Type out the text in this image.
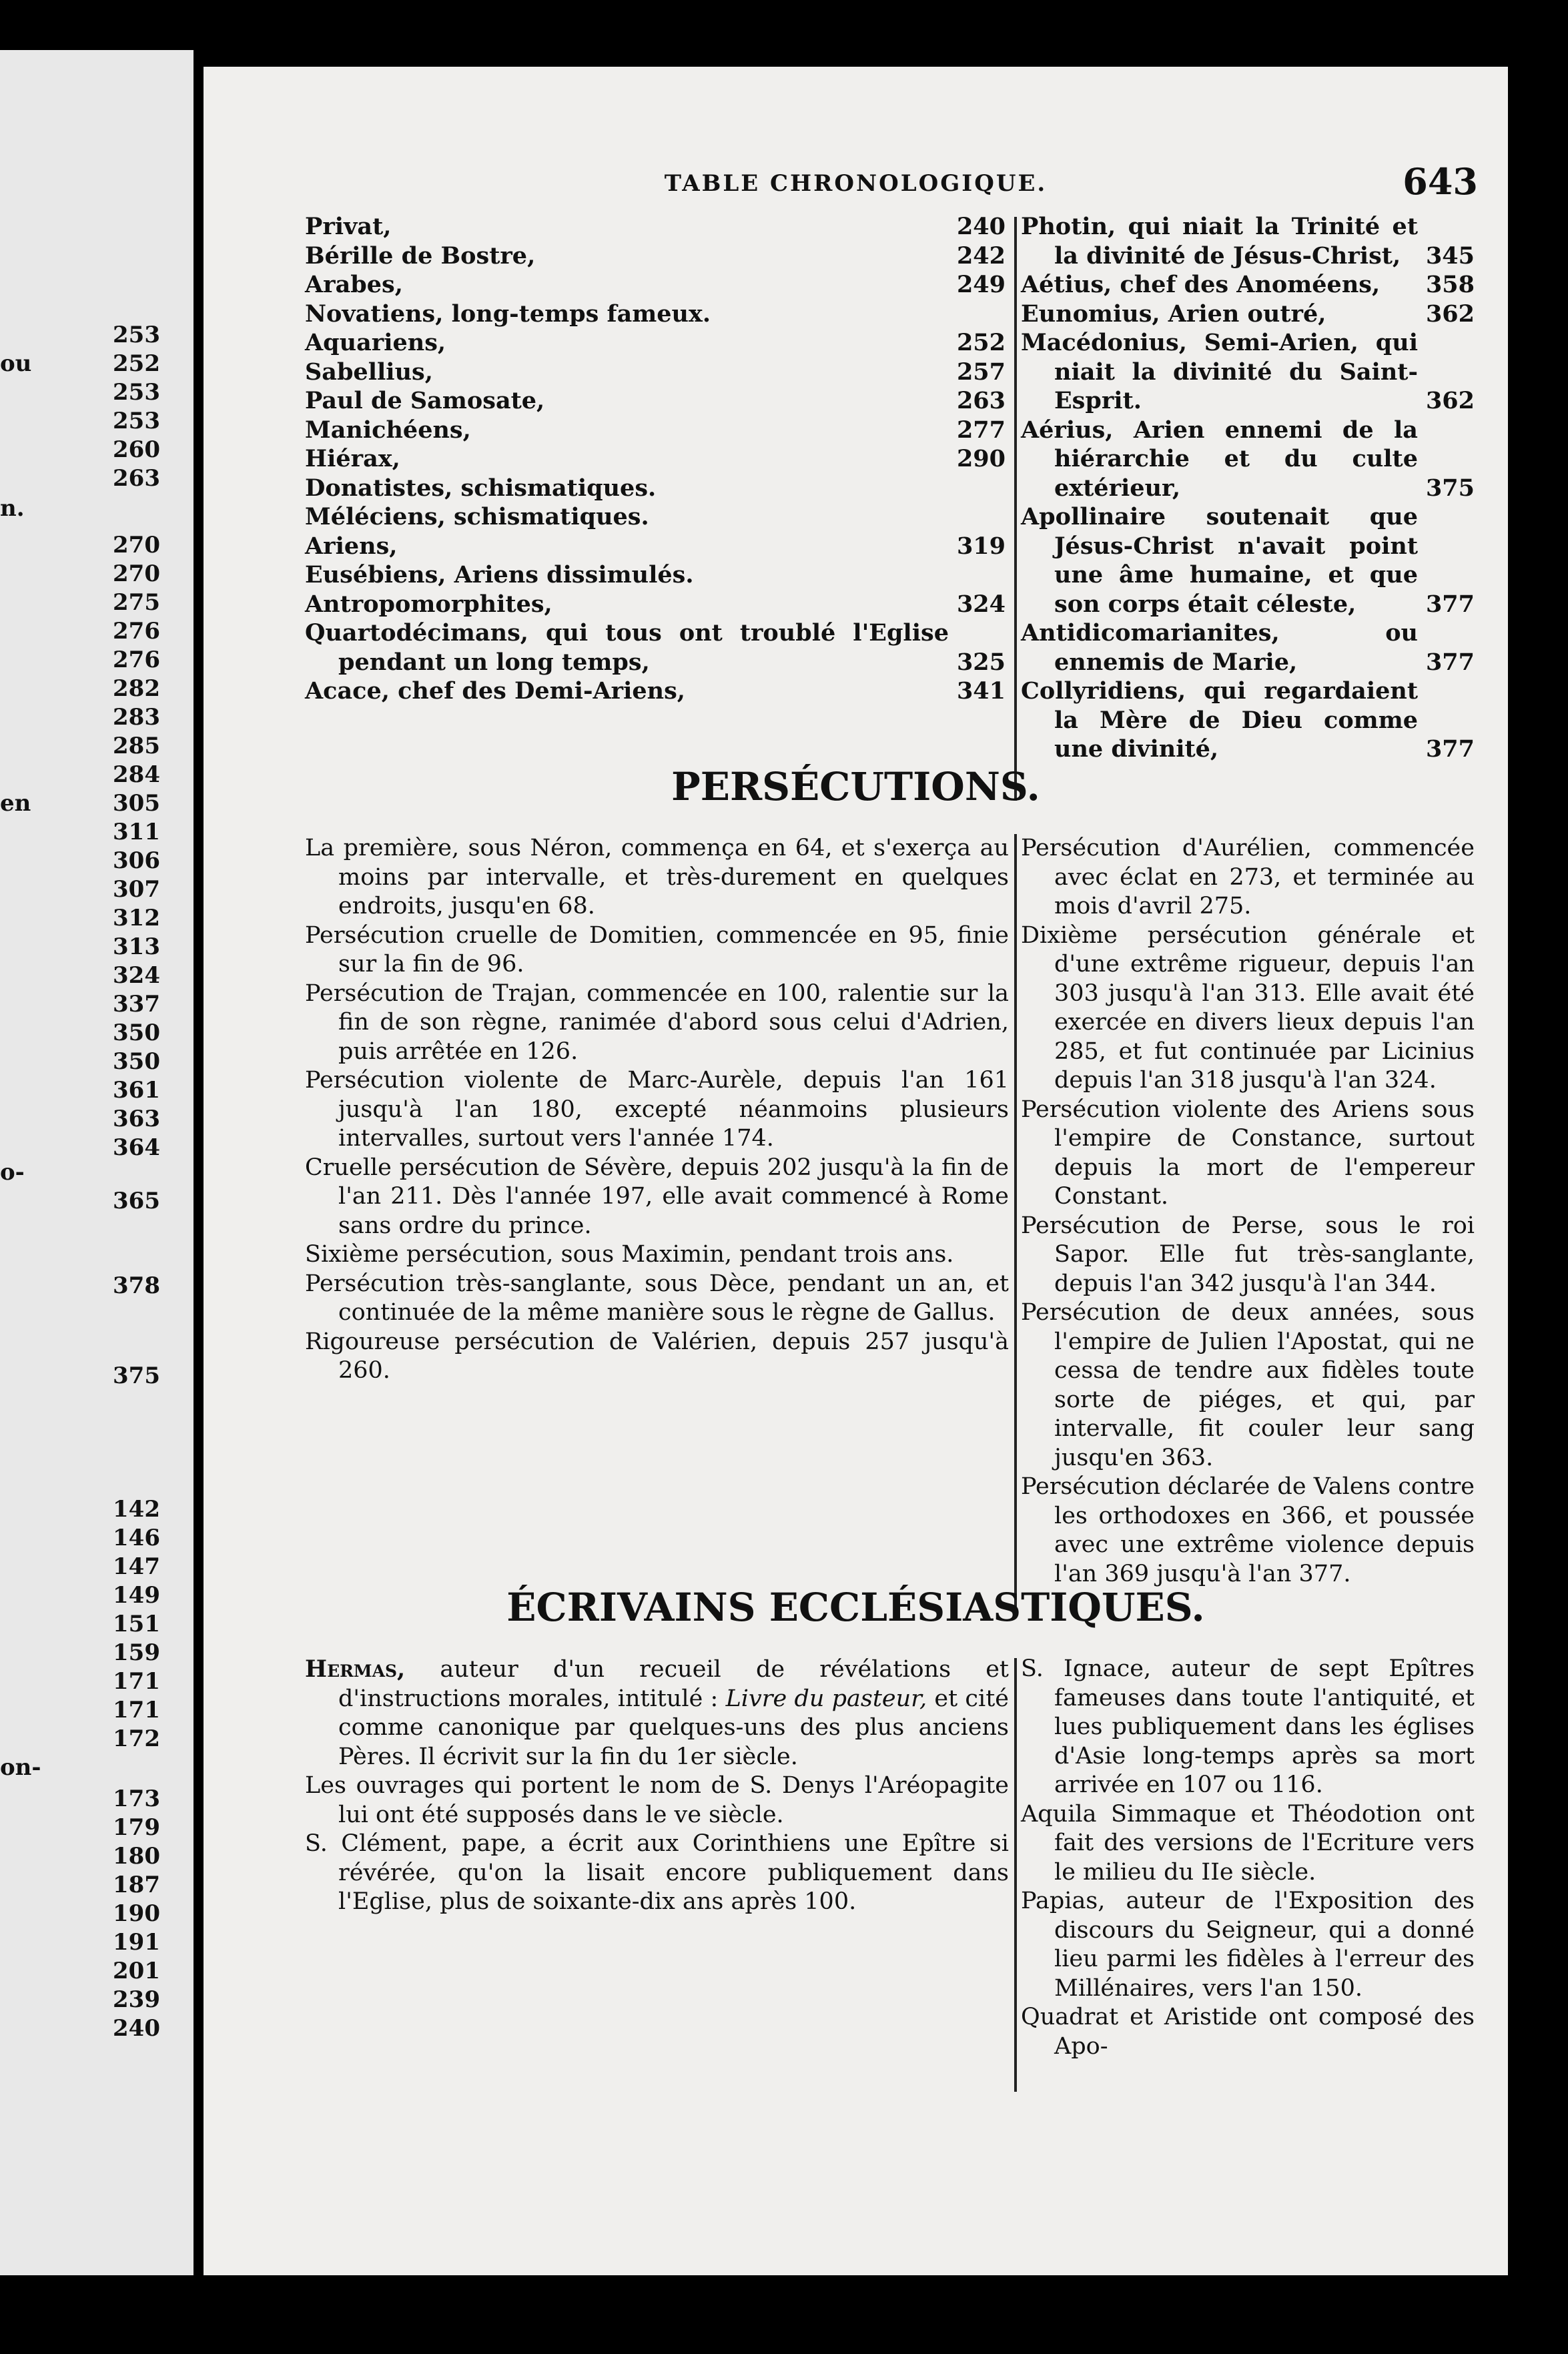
253
252
253
253
260
263
270
270
275
276
276
282
283
285
284
305
311
306
307
312
313
324
337
350
350
361
363
364
365
378
375
142
146
147
149
151
159
171
171
172
173
179
180
187
190
191
201
239
240
ou
n.
en
o-
on-
TABLE CHRONOLOGIQUE.	643

Privat,	240

Bérille de Bostre,	242

Arabes,	249

Novatiens, long-temps fameux.

Aquariens,	252

Sabellius,	257

Paul de Samosate,	263

Manichéens,	277

Hiérax,	290

Donatistes, schismatiques.

Méléciens, schismatiques.

Ariens,	319

Eusébiens, Ariens dissimulés.

Antropomorphites,	324

Quartodécimans, qui tous ont troublé l'Eglise pendant un long temps,	325

Acace, chef des Demi-Ariens,	341

Photin, qui niait la Trinité et la divinité de Jésus-Christ, 345

Aétius, chef des Anoméens, 358

Eunomius, Arien outré,	362

Macédonius, Semi-Arien, qui niait la divinité du Saint-Esprit.	362

Aérius, Arien ennemi de la hiérarchie et du culte extérieur,	375

Apollinaire soutenait que Jésus-Christ n'avait point une âme humaine, et que son corps était céleste,	377

Antidicomarianites, ou ennemis de Marie,	377

Collyridiens, qui regardaient la Mère de Dieu comme une divinité,	377

PERSÉCUTIONS.

La première, sous Néron, commença en 64, et s'exerça au moins par intervalle, et très-durement en quelques endroits, jusqu'en 68.

Persécution cruelle de Domitien, commencée en 95, finie sur la fin de 96.

Persécution de Trajan, commencée en 100, ralentie sur la fin de son règne, ranimée d'abord sous celui d'Adrien, puis arrêtée en 126.

Persécution violente de Marc-Aurèle, depuis l'an 161 jusqu'à l'an 180, excepté néanmoins plusieurs intervalles, surtout vers l'année 174.

Cruelle persécution de Sévère, depuis 202 jusqu'à la fin de l'an 211. Dès l'année 197, elle avait commencé à Rome sans ordre du prince.

Sixième persécution, sous Maximin, pendant trois ans.

Persécution très-sanglante, sous Dèce, pendant un an, et continuée de la même manière sous le règne de Gallus.

Rigoureuse persécution de Valérien, depuis 257 jusqu'à 260.

Persécution d'Aurélien, commencée avec éclat en 273, et terminée au mois d'avril 275.

Dixième persécution générale et d'une extrême rigueur, depuis l'an 303 jusqu'à l'an 313. Elle avait été exercée en divers lieux depuis l'an 285, et fut continuée par Licinius depuis l'an 318 jusqu'à l'an 324.

Persécution violente des Ariens sous l'empire de Constance, surtout depuis la mort de l'empereur Constant.

Persécution de Perse, sous le roi Sapor. Elle fut très-sanglante, depuis l'an 342 jusqu'à l'an 344.

Persécution de deux années, sous l'empire de Julien l'Apostat, qui ne cessa de tendre aux fidèles toute sorte de piéges, et qui, par intervalle, fit couler leur sang jusqu'en 363.

Persécution déclarée de Valens contre les orthodoxes en 366, et poussée avec une extrême violence depuis l'an 369 jusqu'à l'an 377.

ÉCRIVAINS ECCLÉSIASTIQUES.

Hermas, auteur d'un recueil de révélations et d'instructions morales, intitulé : Livre du pasteur, et cité comme canonique par quelques-uns des plus anciens Pères. Il écrivit sur la fin du 1er siècle.

Les ouvrages qui portent le nom de S. Denys l'Aréopagite lui ont été supposés dans le ve siècle.

S. Clément, pape, a écrit aux Corinthiens une Epître si révérée, qu'on la lisait encore publiquement dans l'Eglise, plus de soixante-dix ans après 100.

S. Ignace, auteur de sept Epîtres fameuses dans toute l'antiquité, et lues publiquement dans les églises d'Asie long-temps après sa mort arrivée en 107 ou 116.

Aquila Simmaque et Théodotion ont fait des versions de l'Ecriture vers le milieu du IIe siècle.

Papias, auteur de l'Exposition des discours du Seigneur, qui a donné lieu parmi les fidèles à l'erreur des Millénaires, vers l'an 150.

Quadrat et Aristide ont composé des Apo-
